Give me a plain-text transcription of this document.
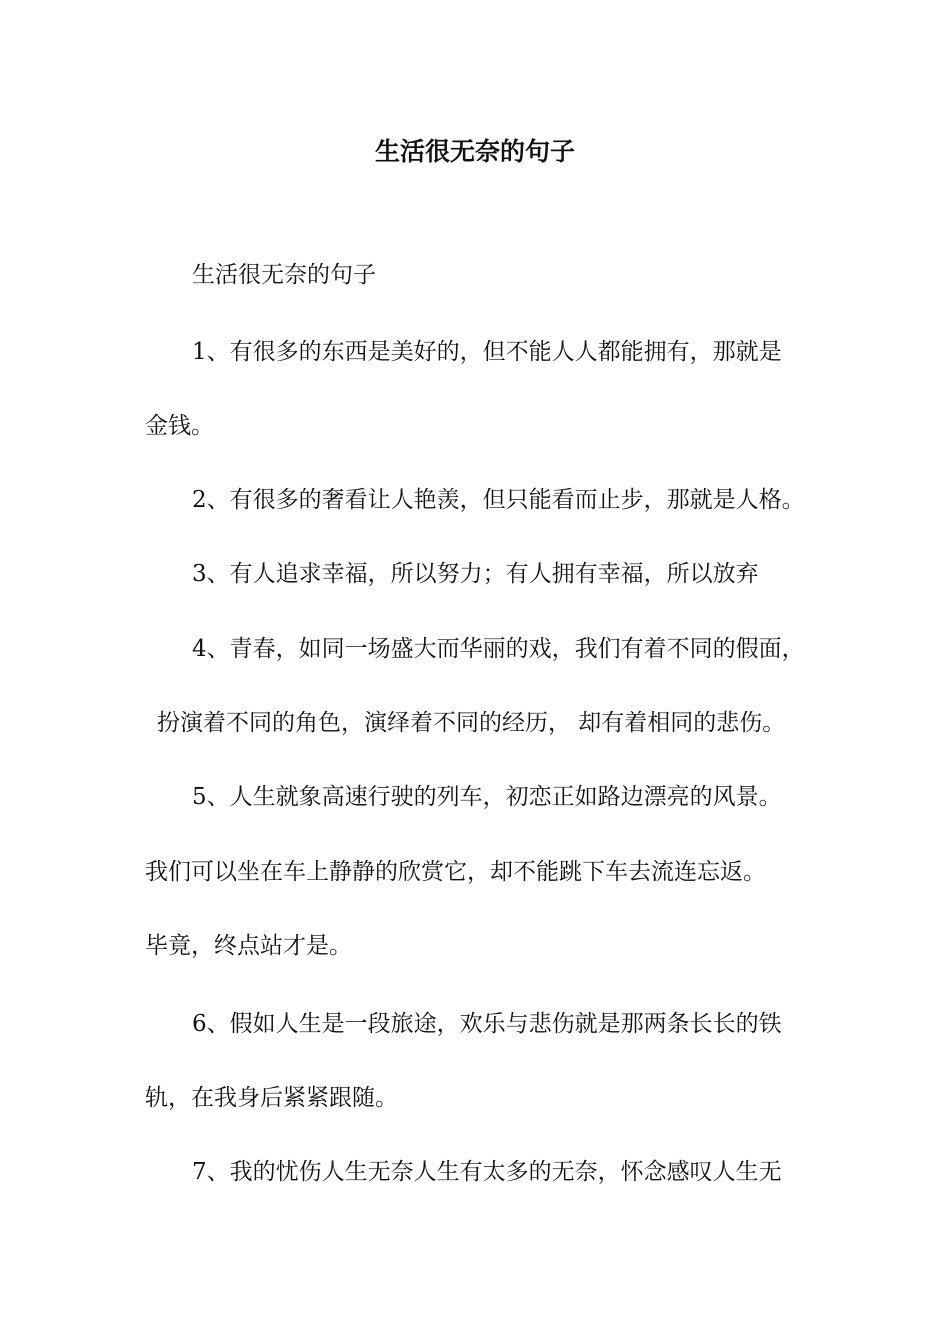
生活很无奈的句子
生活很无奈的句子
1、有很多的东西是美好的，但不能人人都能拥有，那就是
金钱。
2、有很多的奢看让人艳羡，但只能看而止步，那就是人格。
3、有人追求幸福，所以努力；有人拥有幸福，所以放弃
4、青春，如同一场盛大而华丽的戏，我们有着不同的假面，
扮演着不同的角色，演绎着不同的经历， 却有着相同的悲伤。
5、人生就象高速行驶的列车，初恋正如路边漂亮的风景。
我们可以坐在车上静静的欣赏它，却不能跳下车去流连忘返。
毕竟，终点站才是。
6、假如人生是一段旅途，欢乐与悲伤就是那两条长长的铁
轨，在我身后紧紧跟随。
7、我的忧伤人生无奈人生有太多的无奈，怀念感叹人生无
